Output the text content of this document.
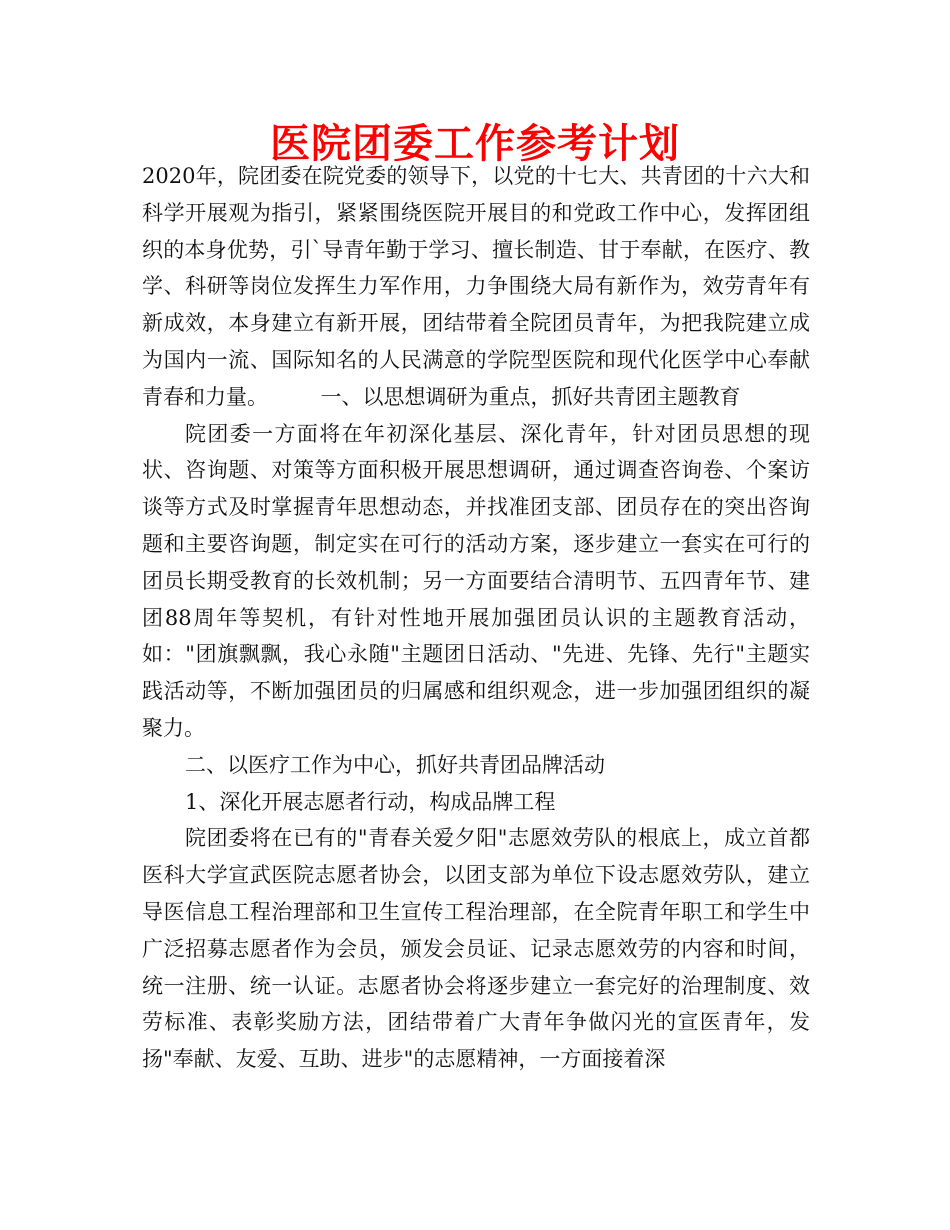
医院团委工作参考计划

2020年，院团委在院党委的领导下，以党的十七大、共青团的十六大和科学开展观为指引，紧紧围绕医院开展目的和党政工作中心，发挥团组织的本身优势，引`导青年勤于学习、擅长制造、甘于奉献，在医疗、教学、科研等岗位发挥生力军作用，力争围绕大局有新作为，效劳青年有新成效，本身建立有新开展，团结带着全院团员青年，为把我院建立成为国内一流、国际知名的人民满意的学院型医院和现代化医学中心奉献青春和力量。　　　一、以思想调研为重点，抓好共青团主题教育

院团委一方面将在年初深化基层、深化青年，针对团员思想的现状、咨询题、对策等方面积极开展思想调研，通过调查咨询卷、个案访谈等方式及时掌握青年思想动态，并找准团支部、团员存在的突出咨询题和主要咨询题，制定实在可行的活动方案，逐步建立一套实在可行的团员长期受教育的长效机制；另一方面要结合清明节、五四青年节、建团88周年等契机，有针对性地开展加强团员认识的主题教育活动，如："团旗飘飘，我心永随"主题团日活动、"先进、先锋、先行"主题实践活动等，不断加强团员的归属感和组织观念，进一步加强团组织的凝聚力。

二、以医疗工作为中心，抓好共青团品牌活动

1、深化开展志愿者行动，构成品牌工程

院团委将在已有的"青春关爱夕阳"志愿效劳队的根底上，成立首都医科大学宣武医院志愿者协会，以团支部为单位下设志愿效劳队，建立导医信息工程治理部和卫生宣传工程治理部，在全院青年职工和学生中广泛招募志愿者作为会员，颁发会员证、记录志愿效劳的内容和时间，统一注册、统一认证。志愿者协会将逐步建立一套完好的治理制度、效劳标准、表彰奖励方法，团结带着广大青年争做闪光的宣医青年，发扬"奉献、友爱、互助、进步"的志愿精神，一方面接着深
